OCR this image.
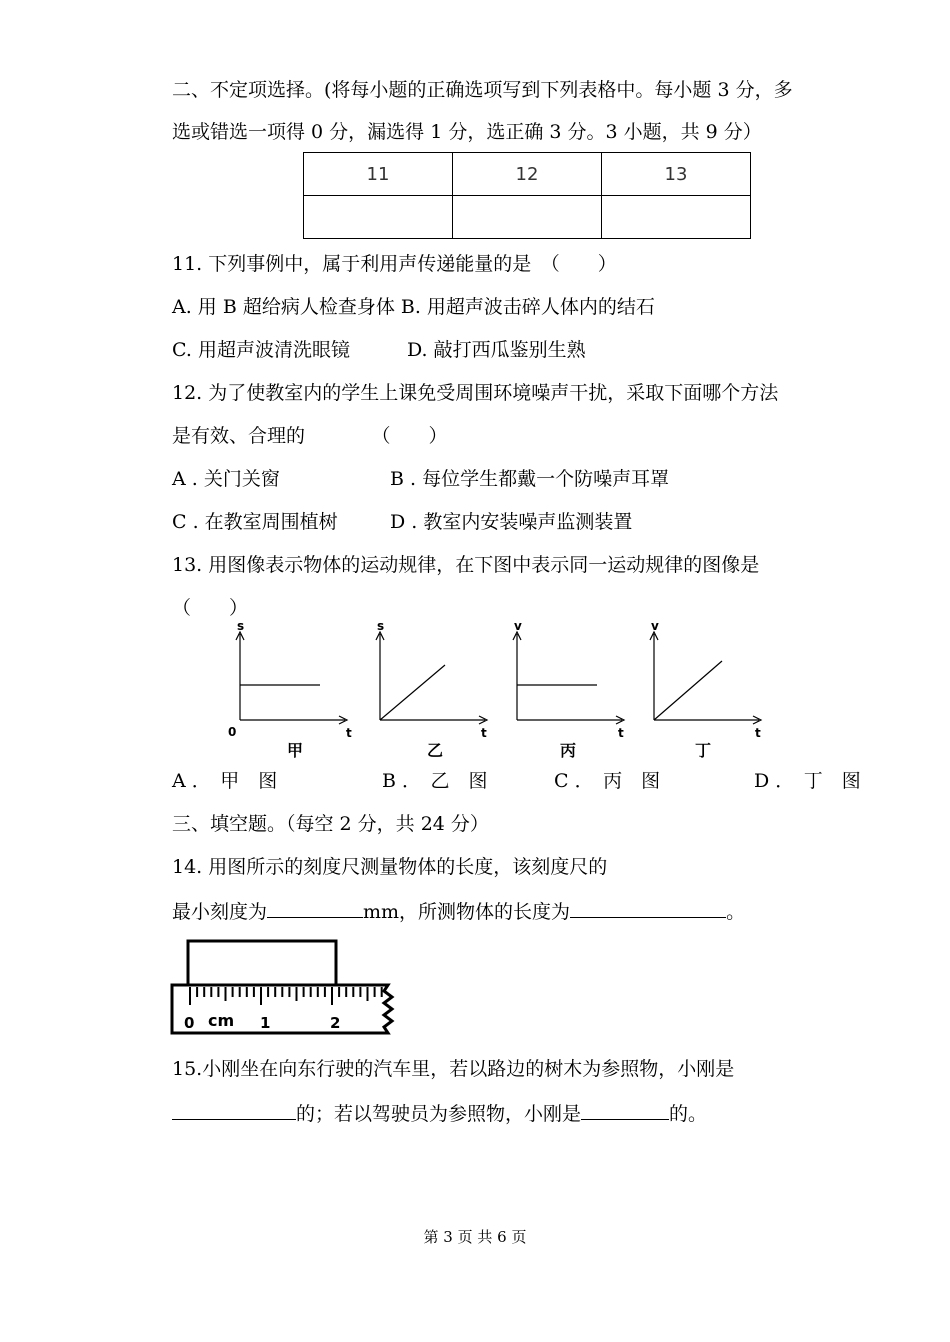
二、不定项选择。(将每小题的正确选项写到下列表格中。每小题 3 分，多
选或错选一项得 0 分，漏选得 1 分，选正确 3 分。3 小题，共 9 分）
11	12	13

11. 下列事例中，属于利用声传递能量的是　（　　）
A. 用 B 超给病人检查身体 B. 用超声波击碎人体内的结石
C. 用超声波清洗眼镜　　　D. 敲打西瓜鉴别生熟
12. 为了使教室内的学生上课免受周围环境噪声干扰，采取下面哪个方法
是有效、合理的　　　　（　　）
A . 关门关窗	B . 每位学生都戴一个防噪声耳罩
C . 在教室周围植树	D . 教室内安装噪声监测装置
13. 用图像表示物体的运动规律，在下图中表示同一运动规律的图像是
（　　）
s
t
0
s
t
v
t
v
t
甲	乙	丙	丁
A ．　甲　图	B ．　乙　图	C ．　丙　图	D ．　丁　图
三、填空题。（每空 2 分，共 24 分）
14. 用图所示的刻度尺测量物体的长度，该刻度尺的
最小刻度为	mm，所测物体的长度为	。
0 cm 1	2
15.小刚坐在向东行驶的汽车里，若以路边的树木为参照物，小刚是
的；若以驾驶员为参照物，小刚是	的。
第 3 页 共 6 页
